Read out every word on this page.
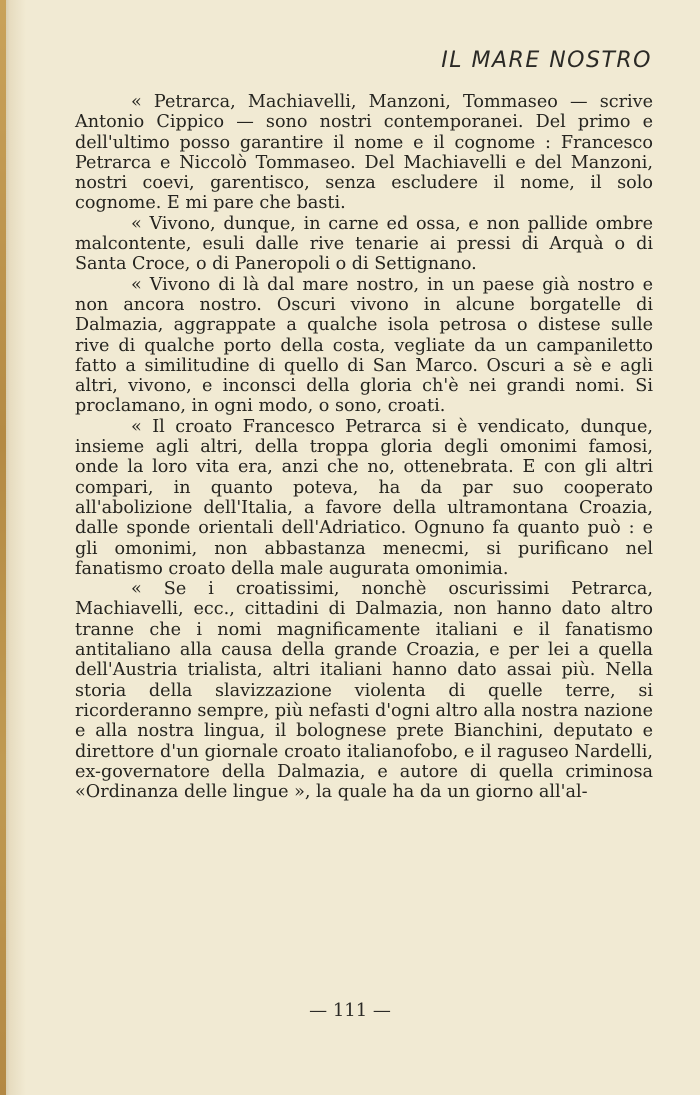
IL MARE NOSTRO

« Petrarca, Machiavelli, Manzoni, Tommaseo — scrive Antonio Cippico — sono nostri contemporanei. Del primo e dell'ultimo posso garantire il nome e il cognome : Francesco Petrarca e Niccolò Tommaseo. Del Machiavelli e del Manzoni, nostri coevi, garentisco, senza escludere il nome, il solo cognome. E mi pare che basti.

« Vivono, dunque, in carne ed ossa, e non pallide ombre malcontente, esuli dalle rive tenarie ai pressi di Arquà o di Santa Croce, o di Paneropoli o di Settignano.

« Vivono di là dal mare nostro, in un paese già nostro e non ancora nostro. Oscuri vivono in alcune borgatelle di Dalmazia, aggrappate a qualche isola petrosa o distese sulle rive di qualche porto della costa, vegliate da un campaniletto fatto a similitudine di quello di San Marco. Oscuri a sè e agli altri, vivono, e inconsci della gloria ch'è nei grandi nomi. Si proclamano, in ogni modo, o sono, croati.

« Il croato Francesco Petrarca si è vendicato, dunque, insieme agli altri, della troppa gloria degli omonimi famosi, onde la loro vita era, anzi che no, ottenebrata. E con gli altri compari, in quanto poteva, ha da par suo cooperato all'abolizione dell'Italia, a favore della ultramontana Croazia, dalle sponde orientali dell'Adriatico. Ognuno fa quanto può : e gli omonimi, non abbastanza menecmi, si purificano nel fanatismo croato della male augurata omonimia.

« Se i croatissimi, nonchè oscurissimi Petrarca, Machiavelli, ecc., cittadini di Dalmazia, non hanno dato altro tranne che i nomi magnificamente italiani e il fanatismo antitaliano alla causa della grande Croazia, e per lei a quella dell'Austria trialista, altri italiani hanno dato assai più. Nella storia della slavizzazione violenta di quelle terre, si ricorderanno sempre, più nefasti d'ogni altro alla nostra nazione e alla nostra lingua, il bolognese prete Bianchini, deputato e direttore d'un giornale croato italianofobo, e il raguseo Nardelli, ex-governatore della Dalmazia, e autore di quella criminosa «Ordinanza delle lingue », la quale ha da un giorno all'al-

— 111 —
